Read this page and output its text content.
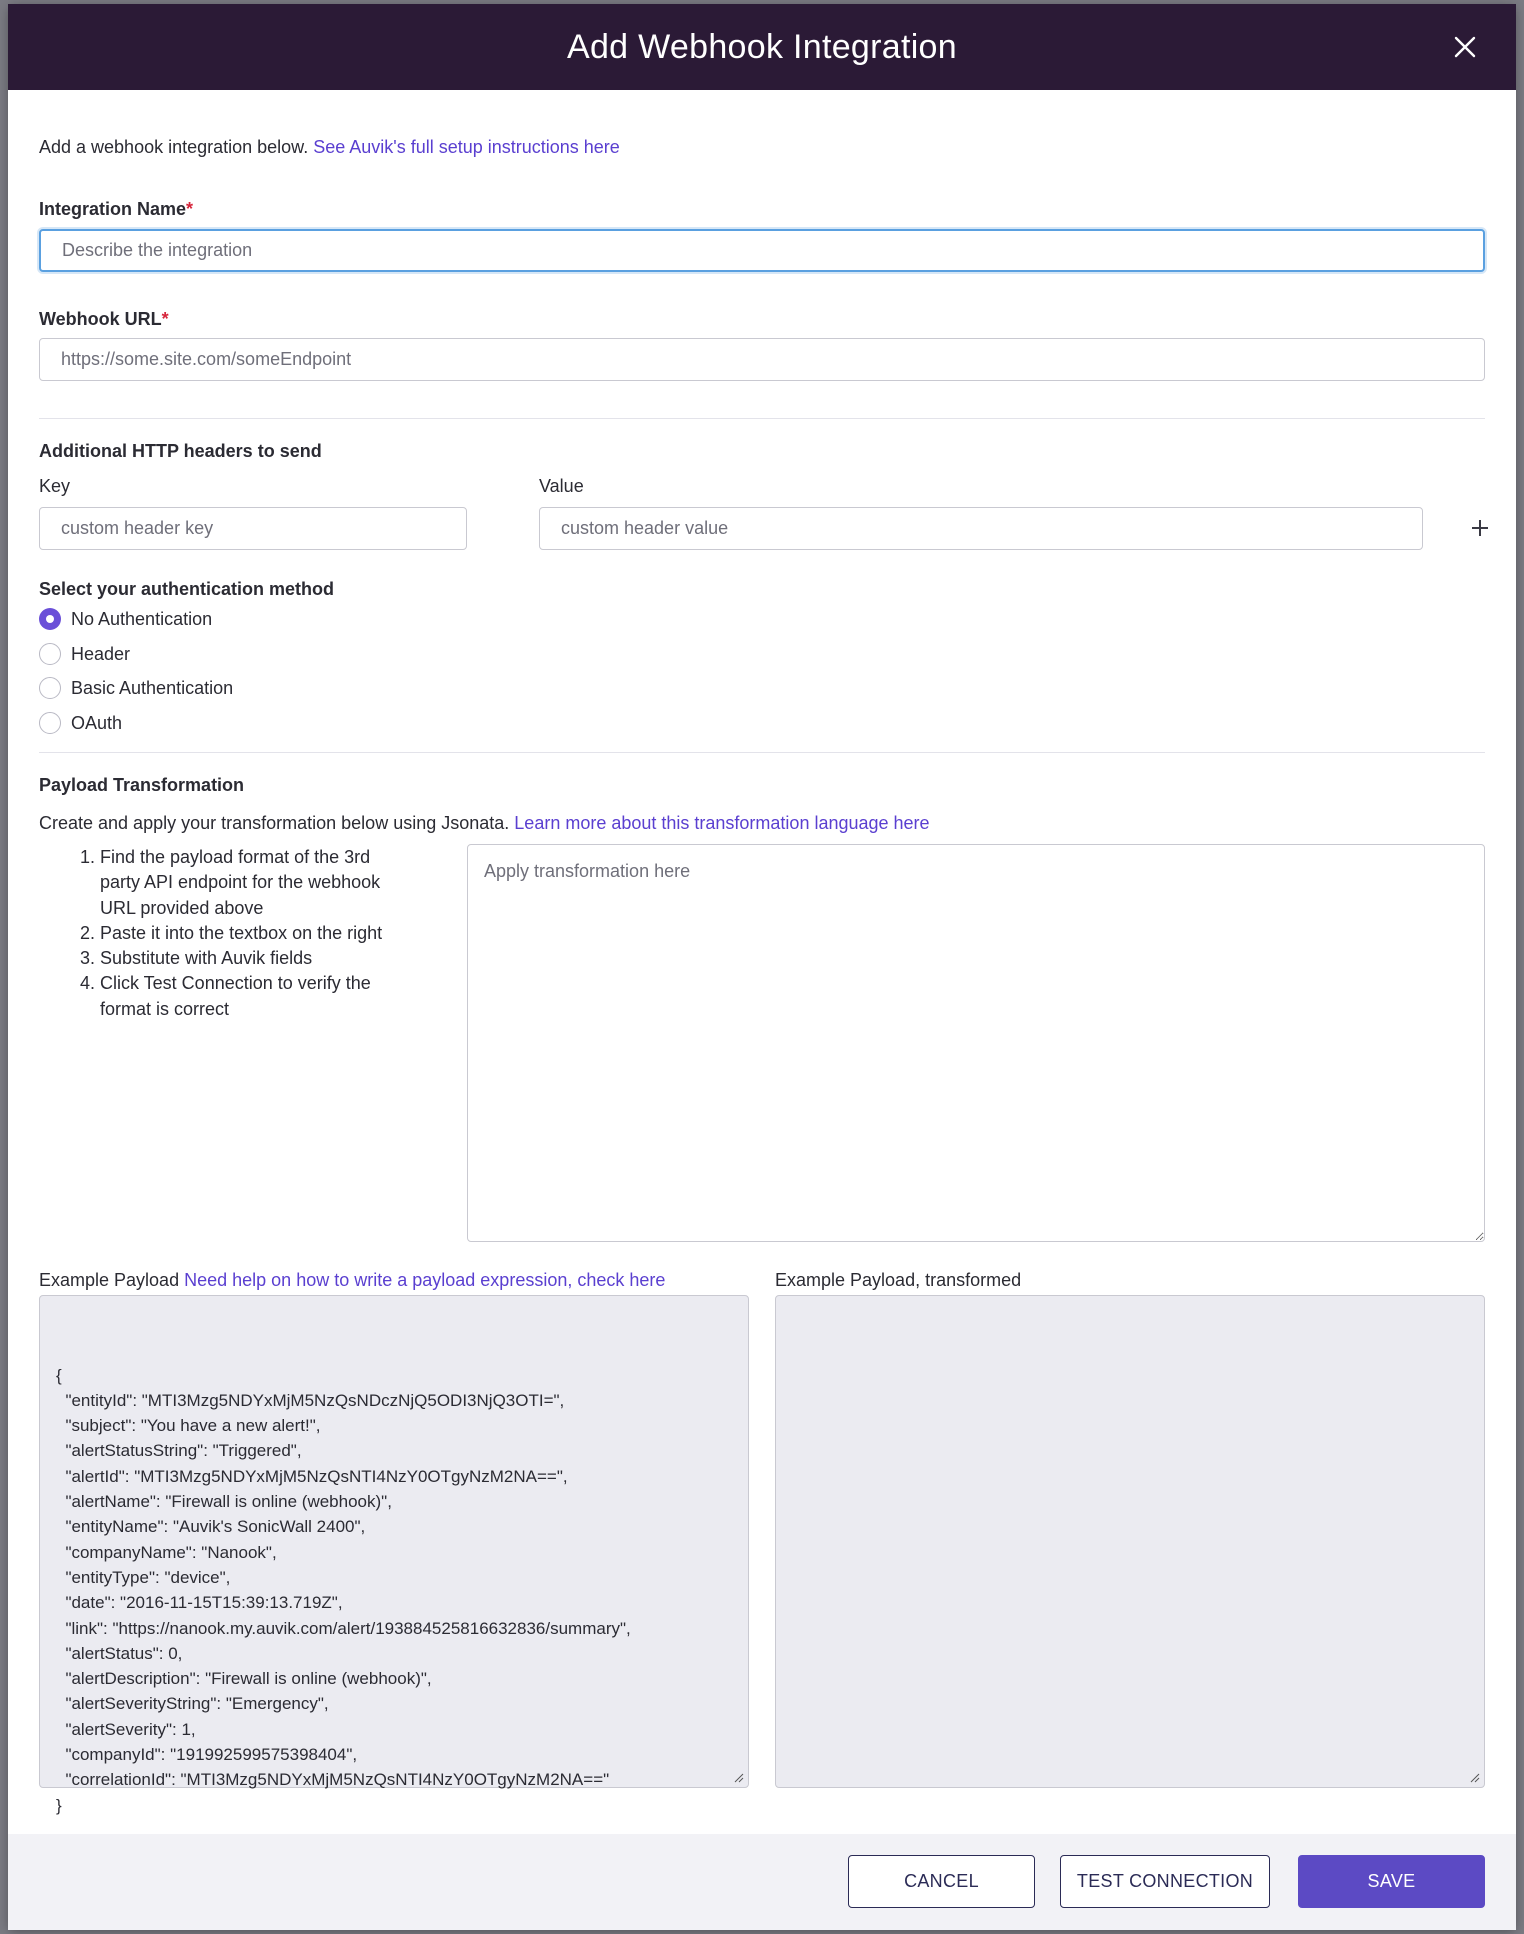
Add Webhook Integration
Add a webhook integration below. See Auvik's full setup instructions here
Integration Name*
Describe the integration
Webhook URL*
https://some.site.com/someEndpoint
Additional HTTP headers to send
Key	Value
custom header key
custom header value
Select your authentication method
No Authentication
Header
Basic Authentication
OAuth
Payload Transformation
Create and apply your transformation below using Jsonata. Learn more about this transformation language here
1. Find the payload format of the 3rd party API endpoint for the webhook URL provided above
2. Paste it into the textbox on the right
3. Substitute with Auvik fields
4. Click Test Connection to verify the format is correct
Apply transformation here
Example Payload Need help on how to write a payload expression, check here	Example Payload, transformed

{
"entityId": "MTI3Mzg5NDYxMjM5NzQsNDczNjQ5ODI3NjQ3OTI=",
"subject": "You have a new alert!",
"alertStatusString": "Triggered",
"alertId": "MTI3Mzg5NDYxMjM5NzQsNTI4NzY0OTgyNzM2NA==",
"alertName": "Firewall is online (webhook)",
"entityName": "Auvik's SonicWall 2400",
"companyName": "Nanook",
"entityType": "device",
"date": "2016-11-15T15:39:13.719Z",
"link": "https://nanook.my.auvik.com/alert/193884525816632836/summary",
"alertStatus": 0,
"alertDescription": "Firewall is online (webhook)",
"alertSeverityString": "Emergency",
"alertSeverity": 1,
"companyId": "191992599575398404",
"correlationId": "MTI3Mzg5NDYxMjM5NzQsNTI4NzY0OTgyNzM2NA=="
}

CANCEL	TEST CONNECTION	SAVE
